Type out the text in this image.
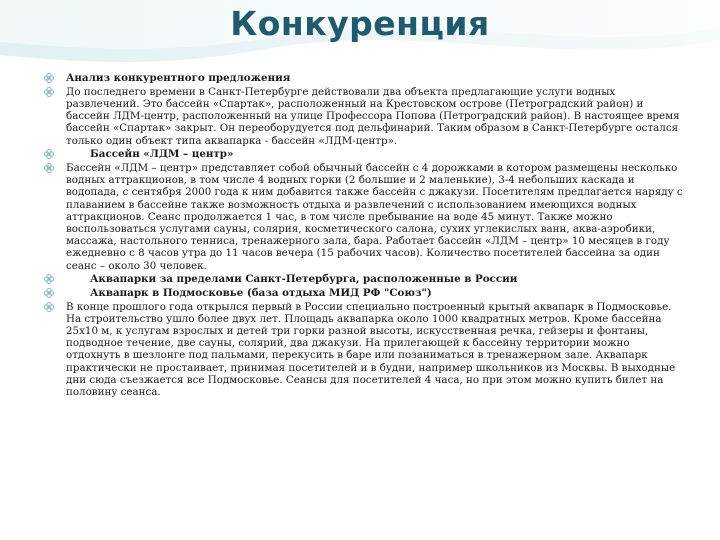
Конкуренция
Анализ конкурентного предложения
До последнего времени в Санкт-Петербурге действовали два объекта предлагающие услуги водных развлечений. Это бассейн «Спартак», расположенный на Крестовском острове (Петроградский район) и бассейн ЛДМ-центр, расположенный на улице Профессора Попова (Петроградский район). В настоящее время бассейн «Спартак» закрыт. Он переоборудуется под дельфинарий. Таким образом в Санкт-Петербурге остался только один объект типа аквапарка - бассейн «ЛДМ-центр».
Бассейн «ЛДМ – центр»
Бассейн «ЛДМ – центр» представляет собой обычный бассейн с 4 дорожками в котором размещены несколько водных аттракционов, в том числе 4 водных горки (2 большие и 2 маленькие), 3-4 небольших каскада и водопада, с сентября 2000 года к ним добавится также бассейн с джакузи. Посетителям предлагается наряду с плаванием в бассейне также возможность отдыха и развлечений с использованием имеющихся водных аттракционов. Сеанс продолжается 1 час, в том числе пребывание на воде 45 минут. Также можно воспользоваться услугами сауны, солярия, косметического салона, сухих углекислых ванн, аква-аэробики, массажа, настольного тенниса, тренажерного зала, бара. Работает бассейн «ЛДМ – центр» 10 месяцев в году ежедневно с 8 часов утра до 11 часов вечера (15 рабочих часов). Количество посетителей бассейна за один сеанс – около 30 человек.
Аквапарки за пределами Санкт-Петербурга, расположенные в России
Аквапарк в Подмосковье (база отдыха МИД РФ "Союз")
В конце прошлого года открылся первый в России специально построенный крытый аквапарк в Подмосковье. На строительство ушло более двух лет. Площадь аквапарка около 1000 квадратных метров. Кроме бассейна 25х10 м, к услугам взрослых и детей три горки разной высоты, искусственная речка, гейзеры и фонтаны, подводное течение, две сауны, солярий, два джакузи. На прилегающей к бассейну территории можно отдохнуть в шезлонге под пальмами, перекусить в баре или позаниматься в тренажерном зале. Аквапарк практически не простаивает, принимая посетителей и в будни, например школьников из Москвы. В выходные дни сюда съезжается все Подмосковье. Сеансы для посетителей 4 часа, но при этом можно купить билет на половину сеанса.
